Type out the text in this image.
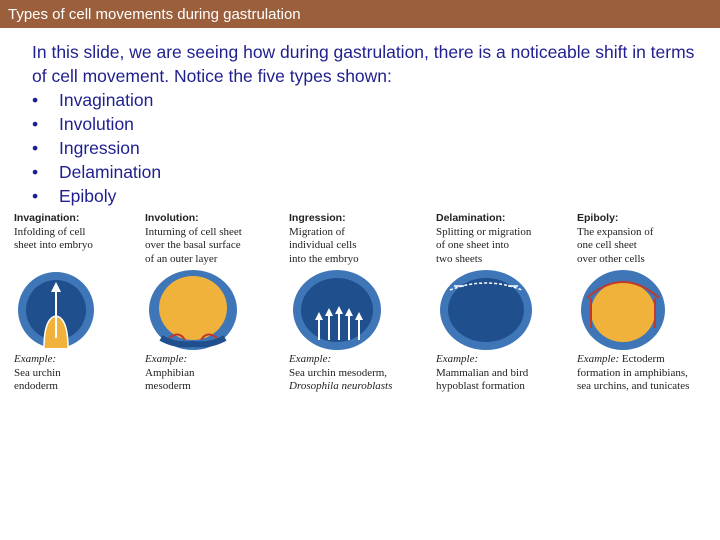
Types of cell movements during gastrulation

In this slide, we are seeing how during gastrulation, there is a noticeable shift in terms of cell movement. Notice the five types shown:

• Invagination
• Involution
• Ingression
• Delamination
• Epiboly
Invagination:
Infolding of cell
sheet into embryo
Example:
Sea urchin
endoderm
Involution:
Inturning of cell sheet
over the basal surface
of an outer layer
Example:
Amphibian
mesoderm
Ingression:
Migration of
individual cells
into the embryo
Example:
Sea urchin mesoderm,
Drosophila neuroblasts
Delamination:
Splitting or migration
of one sheet into
two sheets
Example:
Mammalian and bird
hypoblast formation
Epiboly:
The expansion of
one cell sheet
over other cells
Example: Ectoderm
formation in amphibians,
sea urchins, and tunicates
